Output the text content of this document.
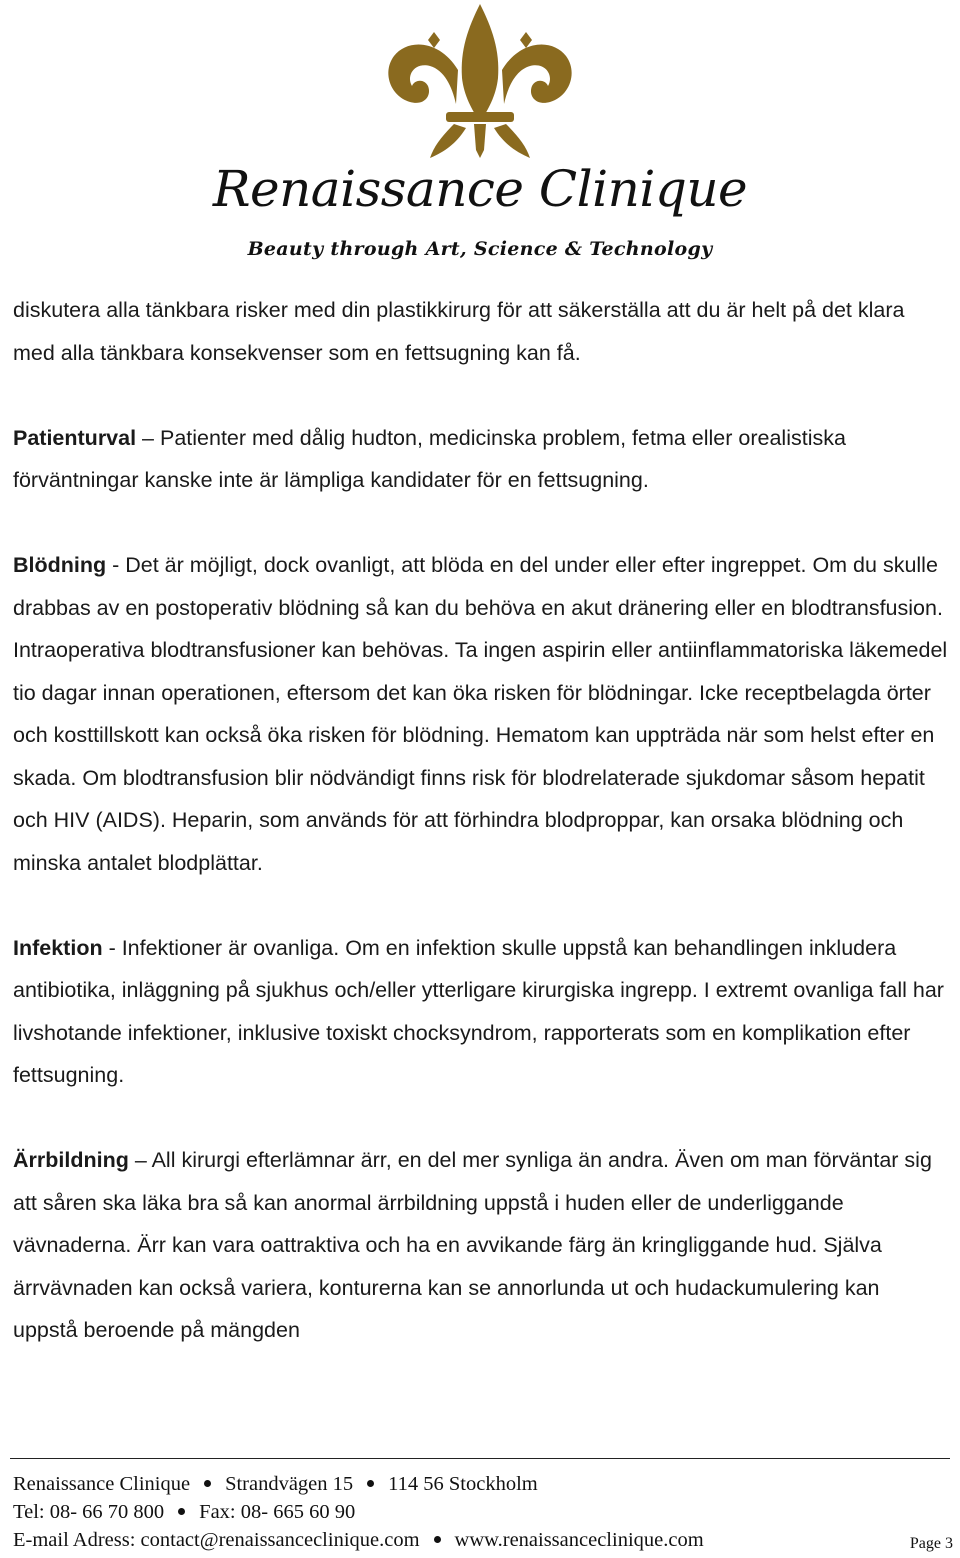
Renaissance Clinique
Beauty through Art, Science & Technology

diskutera alla tänkbara risker med din plastikkirurg för att säkerställa att du är helt på det klara med alla tänkbara konsekvenser som en fettsugning kan få.

Patienturval – Patienter med dålig hudton, medicinska problem, fetma eller orealistiska förväntningar kanske inte är lämpliga kandidater för en fettsugning.

Blödning - Det är möjligt, dock ovanligt, att blöda en del under eller efter ingreppet. Om du skulle drabbas av en postoperativ blödning så kan du behöva en akut dränering eller en blodtransfusion. Intraoperativa blodtransfusioner kan behövas. Ta ingen aspirin eller antiinflammatoriska läkemedel tio dagar innan operationen, eftersom det kan öka risken för blödningar. Icke receptbelagda örter och kosttillskott kan också öka risken för blödning. Hematom kan uppträda när som helst efter en skada. Om blodtransfusion blir nödvändigt finns risk för blodrelaterade sjukdomar såsom hepatit och HIV (AIDS). Heparin, som används för att förhindra blodproppar, kan orsaka blödning och minska antalet blodplättar.

Infektion - Infektioner är ovanliga. Om en infektion skulle uppstå kan behandlingen inkludera antibiotika, inläggning på sjukhus och/eller ytterligare kirurgiska ingrepp. I extremt ovanliga fall har livshotande infektioner, inklusive toxiskt chocksyndrom, rapporterats som en komplikation efter fettsugning.

Ärrbildning – All kirurgi efterlämnar ärr, en del mer synliga än andra. Även om man förväntar sig att såren ska läka bra så kan anormal ärrbildning uppstå i huden eller de underliggande vävnaderna. Ärr kan vara oattraktiva och ha en avvikande färg än kringliggande hud. Själva ärrvävnaden kan också variera, konturerna kan se annorlunda ut och hudackumulering kan uppstå beroende på mängden

Renaissance Clinique Strandvägen 15 114 56 Stockholm
Tel: 08- 66 70 800 Fax: 08- 665 60 90
E-mail Adress: contact@renaissanceclinique.com www.renaissanceclinique.com	Page 3
